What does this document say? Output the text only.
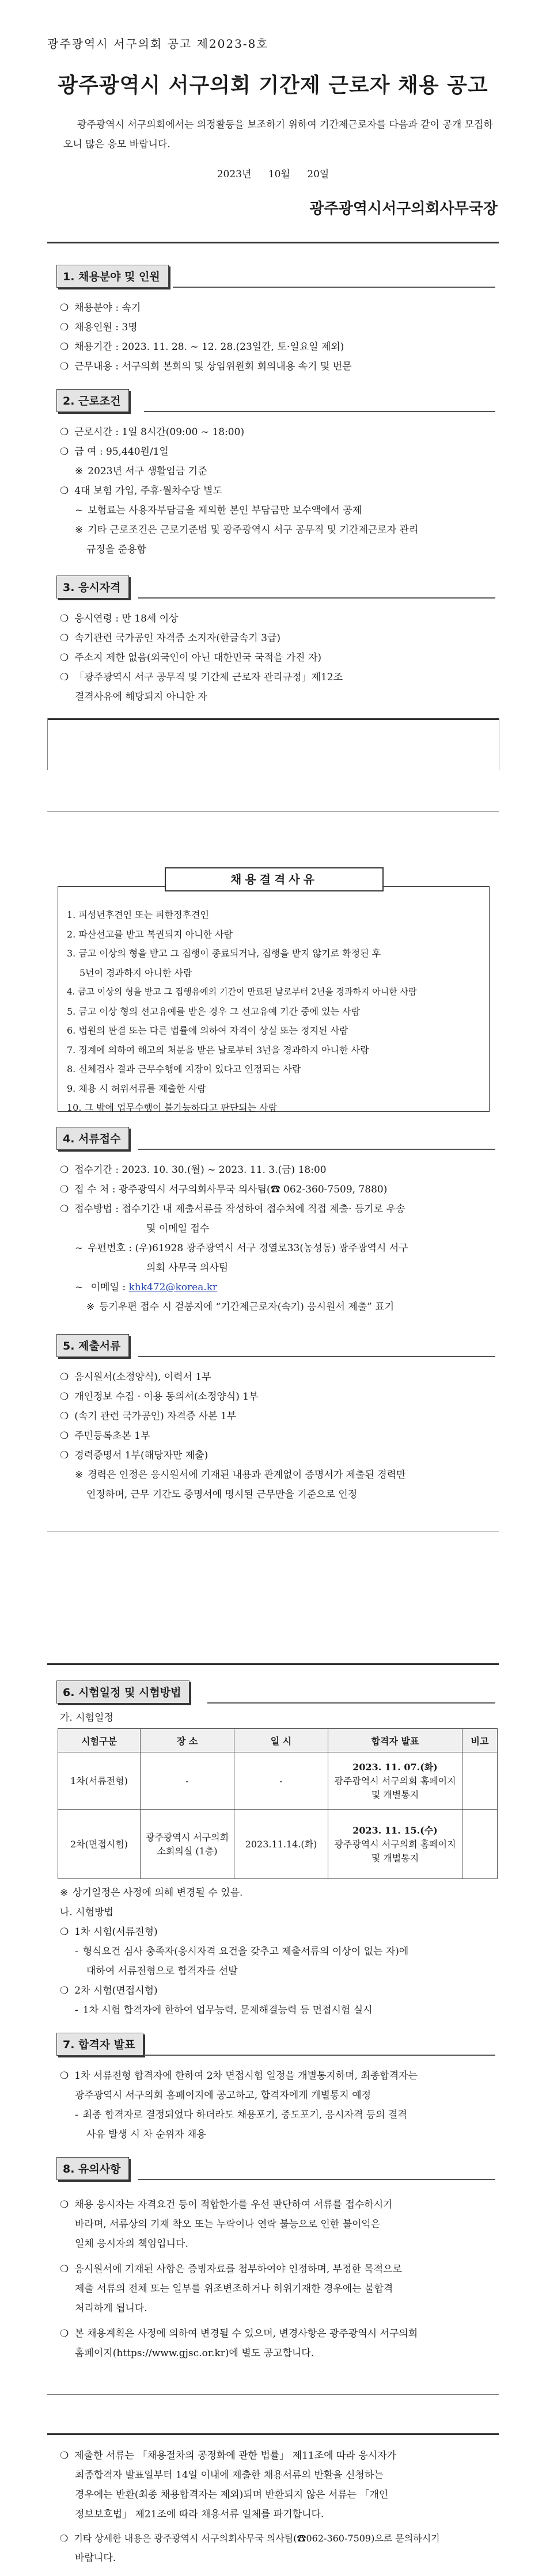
광주광역시 서구의회 공고 제2023-8호
광주광역시 서구의회 기간제 근로자 채용 공고
광주광역시 서구의회에서는 의정활동을 보조하기 위하여 기간제근로자를 다음과 같이 공개 모집하오니 많은 응모 바랍니다.
2023년 10월 20일
광주광역시서구의회사무국장
1. 채용분야 및 인원
❍ 채용분야 : 속기
❍ 채용인원 : 3명
❍ 채용기간 : 2023. 11. 28. ~ 12. 28.(23일간, 토·일요일 제외)
❍ 근무내용 : 서구의회 본회의 및 상임위원회 회의내용 속기 및 번문
2. 근로조건
❍ 근로시간 : 1일 8시간(09:00 ~ 18:00)
❍ 급 여 : 95,440원/1일
※ 2023년 서구 생활임금 기준
❍ 4대 보험 가입, 주휴·월차수당 별도
~ 보험료는 사용자부담금을 제외한 본인 부담금만 보수액에서 공제
※ 기타 근로조건은 근로기준법 및 광주광역시 서구 공무직 및 기간제근로자 관리
규정을 준용함
3. 응시자격
❍ 응시연령 : 만 18세 이상
❍ 속기관련 국가공인 자격증 소지자(한글속기 3급)
❍ 주소지 제한 없음(외국인이 아닌 대한민국 국적을 가진 자)
❍ 「광주광역시 서구 공무직 및 기간제 근로자 관리규정」제12조
결격사유에 해당되지 아니한 자
채용결격사유
1. 피성년후견인 또는 피한정후견인
2. 파산선고를 받고 복권되지 아니한 사람
3. 금고 이상의 형을 받고 그 집행이 종료되거나, 집행을 받지 않기로 확정된 후
5년이 경과하지 아니한 사람
4. 금고 이상의 형을 받고 그 집행유예의 기간이 만료된 날로부터 2년을 경과하지 아니한 사람
5. 금고 이상 형의 선고유예를 받은 경우 그 선고유예 기간 중에 있는 사람
6. 법원의 판결 또는 다른 법률에 의하여 자격이 상실 또는 정지된 사람
7. 징계에 의하여 해고의 처분을 받은 날로부터 3년을 경과하지 아니한 사람
8. 신체검사 결과 근무수행에 지장이 있다고 인정되는 사람
9. 채용 시 허위서류를 제출한 사람
10. 그 밖에 업무수행이 불가능하다고 판단되는 사람
4. 서류접수
❍ 접수기간 : 2023. 10. 30.(월) ~ 2023. 11. 3.(금) 18:00
❍ 접 수 처 : 광주광역시 서구의회사무국 의사팀(☎ 062-360-7509, 7880)
❍ 접수방법 : 접수기간 내 제출서류를 작성하여 접수처에 직접 제출· 등기로 우송
및 이메일 접수
~ 우편번호 : (우)61928 광주광역시 서구 경열로33(농성동) 광주광역시 서구
의회 사무국 의사팀
~ 이메일 : khk472@korea.kr
※ 등기우편 접수 시 겉봉지에 “기간제근로자(속기) 응시원서 제출” 표기
5. 제출서류
❍ 응시원서(소정양식), 이력서 1부
❍ 개인정보 수집 · 이용 동의서(소정양식) 1부
❍ (속기 관련 국가공인) 자격증 사본 1부
❍ 주민등록초본 1부
❍ 경력증명서 1부(해당자만 제출)
※ 경력은 인정은 응시원서에 기재된 내용과 관계없이 증명서가 제출된 경력만
인정하며, 근무 기간도 증명서에 명시된 근무만을 기준으로 인정
6. 시험일정 및 시험방법
가. 시험일정
시험구분	장 소	일 시	합격자 발표	비고
1차(서류전형)	-	-	2023. 11. 07.(화)
광주광역시 서구의회 홈페이지 및 개별통지	

2차(면접시험)	광주광역시 서구의회 소회의실 (1층)	2023.11.14.(화)	2023. 11. 15.(수)
광주광역시 서구의회 홈페이지 및 개별통지	

※ 상기일정은 사정에 의해 변경될 수 있음.
나. 시험방법
❍ 1차 시험(서류전형)
- 형식요건 심사 충족자(응시자격 요건을 갖추고 제출서류의 이상이 없는 자)에
대하여 서류전형으로 합격자를 선발
❍ 2차 시험(면접시험)
- 1차 시험 합격자에 한하여 업무능력, 문제해결능력 등 면접시험 실시
7. 합격자 발표
❍ 1차 서류전형 합격자에 한하여 2차 면접시험 일정을 개별통지하며, 최종합격자는
광주광역시 서구의회 홈페이지에 공고하고, 합격자에게 개별통지 예정
- 최종 합격자로 결정되었다 하더라도 채용포기, 중도포기, 응시자격 등의 결격
사유 발생 시 차 순위자 채용
8. 유의사항
❍ 채용 응시자는 자격요건 등이 적합한가를 우선 판단하여 서류를 접수하시기
바라며, 서류상의 기재 착오 또는 누락이나 연락 불능으로 인한 불이익은
일체 응시자의 책임입니다.
❍ 응시원서에 기재된 사항은 증빙자료를 첨부하여야 인정하며, 부정한 목적으로
제출 서류의 전체 또는 일부를 위조변조하거나 허위기재한 경우에는 불합격
처리하게 됩니다.
❍ 본 채용계획은 사정에 의하여 변경될 수 있으며, 변경사항은 광주광역시 서구의회
홈페이지(https://www.gjsc.or.kr)에 별도 공고합니다.
❍ 제출한 서류는 「채용절차의 공정화에 관한 법률」 제11조에 따라 응시자가
최종합격자 발표일부터 14일 이내에 제출한 채용서류의 반환을 신청하는
경우에는 반환(최종 채용합격자는 제외)되며 반환되지 않은 서류는 「개인
정보보호법」 제21조에 따라 채용서류 일체를 파기합니다.
❍ 기타 상세한 내용은 광주광역시 서구의회사무국 의사팀(☎062-360-7509)으로 문의하시기
바랍니다.
